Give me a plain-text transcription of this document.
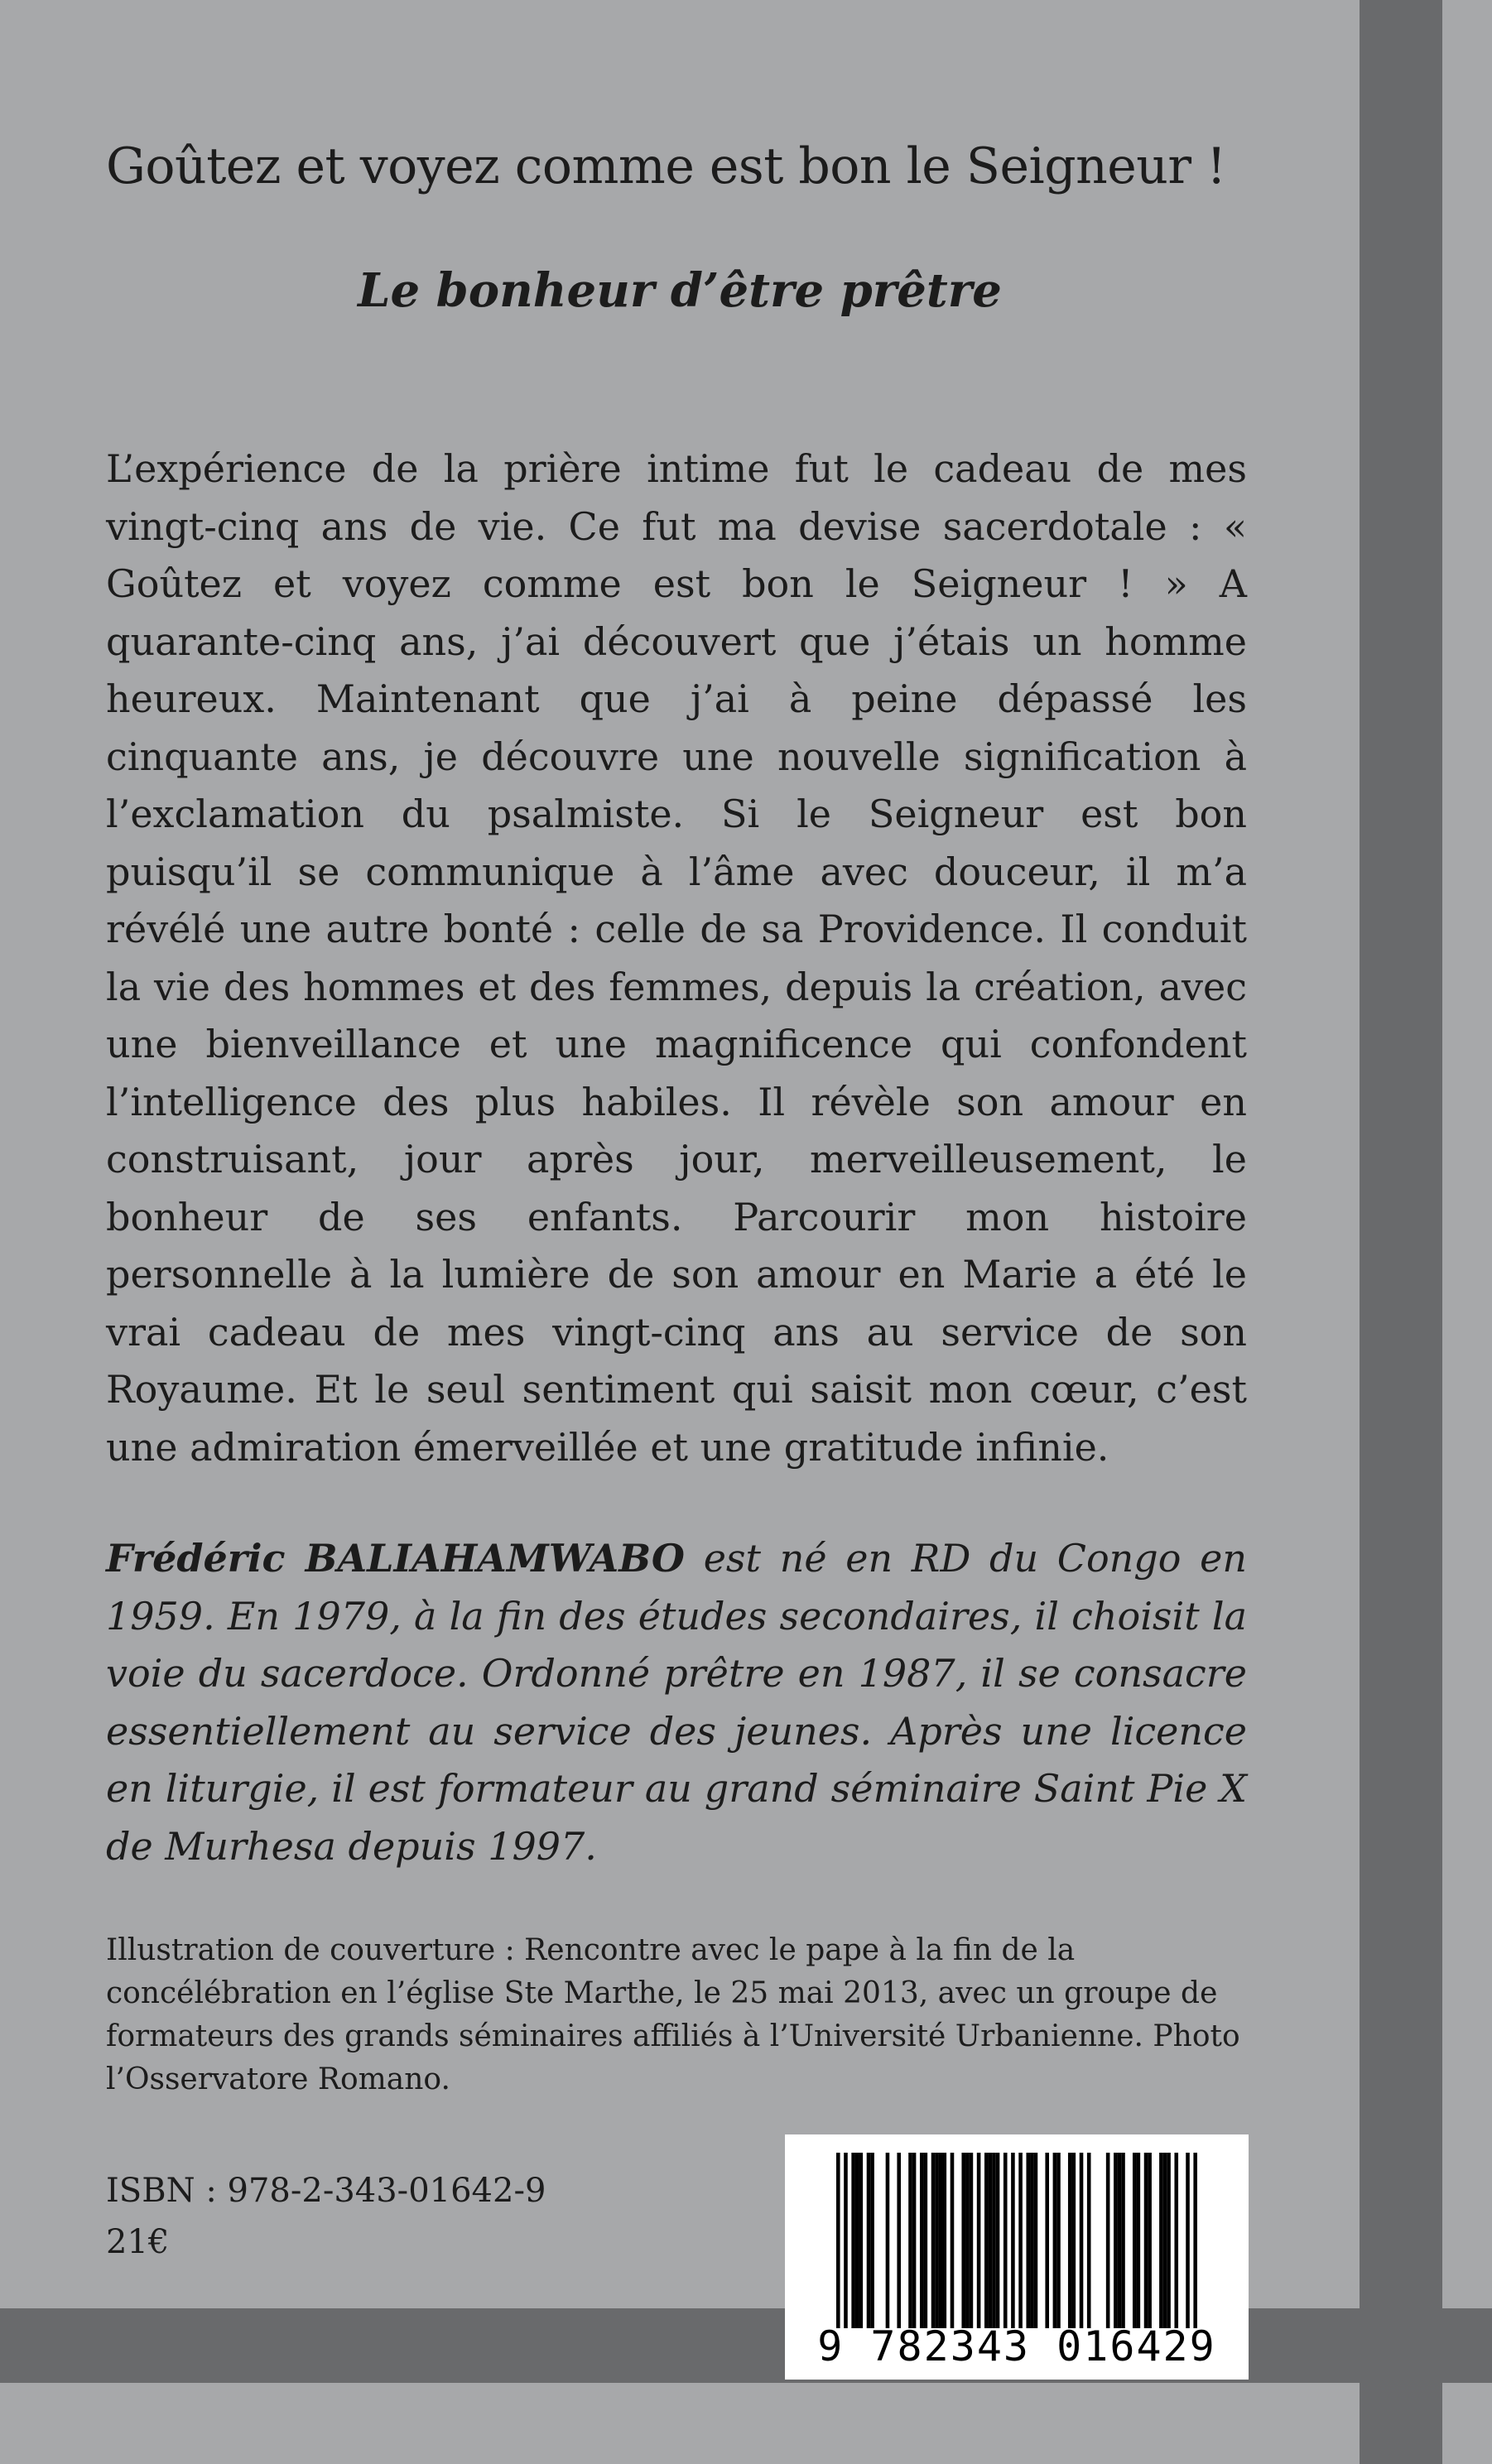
Goûtez et voyez comme est bon le Seigneur !
Le bonheur d’être prêtre

L’expérience de la prière intime fut le cadeau de mes vingt-cinq ans de vie. Ce fut ma devise sacerdotale : « Goûtez et voyez comme est bon le Seigneur ! » A quarante-cinq ans, j’ai découvert que j’étais un homme heureux. Maintenant que j’ai à peine dépassé les cinquante ans, je découvre une nouvelle signification à l’exclamation du psalmiste. Si le Seigneur est bon puisqu’il se communique à l’âme avec douceur, il m’a révélé une autre bonté : celle de sa Providence. Il conduit la vie des hommes et des femmes, depuis la création, avec une bienveillance et une magnificence qui confondent l’intelligence des plus habiles. Il révèle son amour en construisant, jour après jour, merveilleusement, le bonheur de ses enfants. Parcourir mon histoire personnelle à la lumière de son amour en Marie a été le vrai cadeau de mes vingt-cinq ans au service de son Royaume. Et le seul sentiment qui saisit mon cœur, c’est une admiration émerveillée et une gratitude infinie.

Frédéric BALIAHAMWABO est né en RD du Congo en 1959. En 1979, à la fin des études secondaires, il choisit la voie du sacerdoce. Ordonné prêtre en 1987, il se consacre essentiellement au service des jeunes. Après une licence en liturgie, il est formateur au grand séminaire Saint Pie X de Murhesa depuis 1997.

Illustration de couverture : Rencontre avec le pape à la fin de la concélébration en l’église Ste Marthe, le 25 mai 2013, avec un groupe de formateurs des grands séminaires affiliés à l’Université Urbanienne. Photo l’Osservatore Romano.

ISBN : 978-2-343-01642-9
21€
9 782343 016429
